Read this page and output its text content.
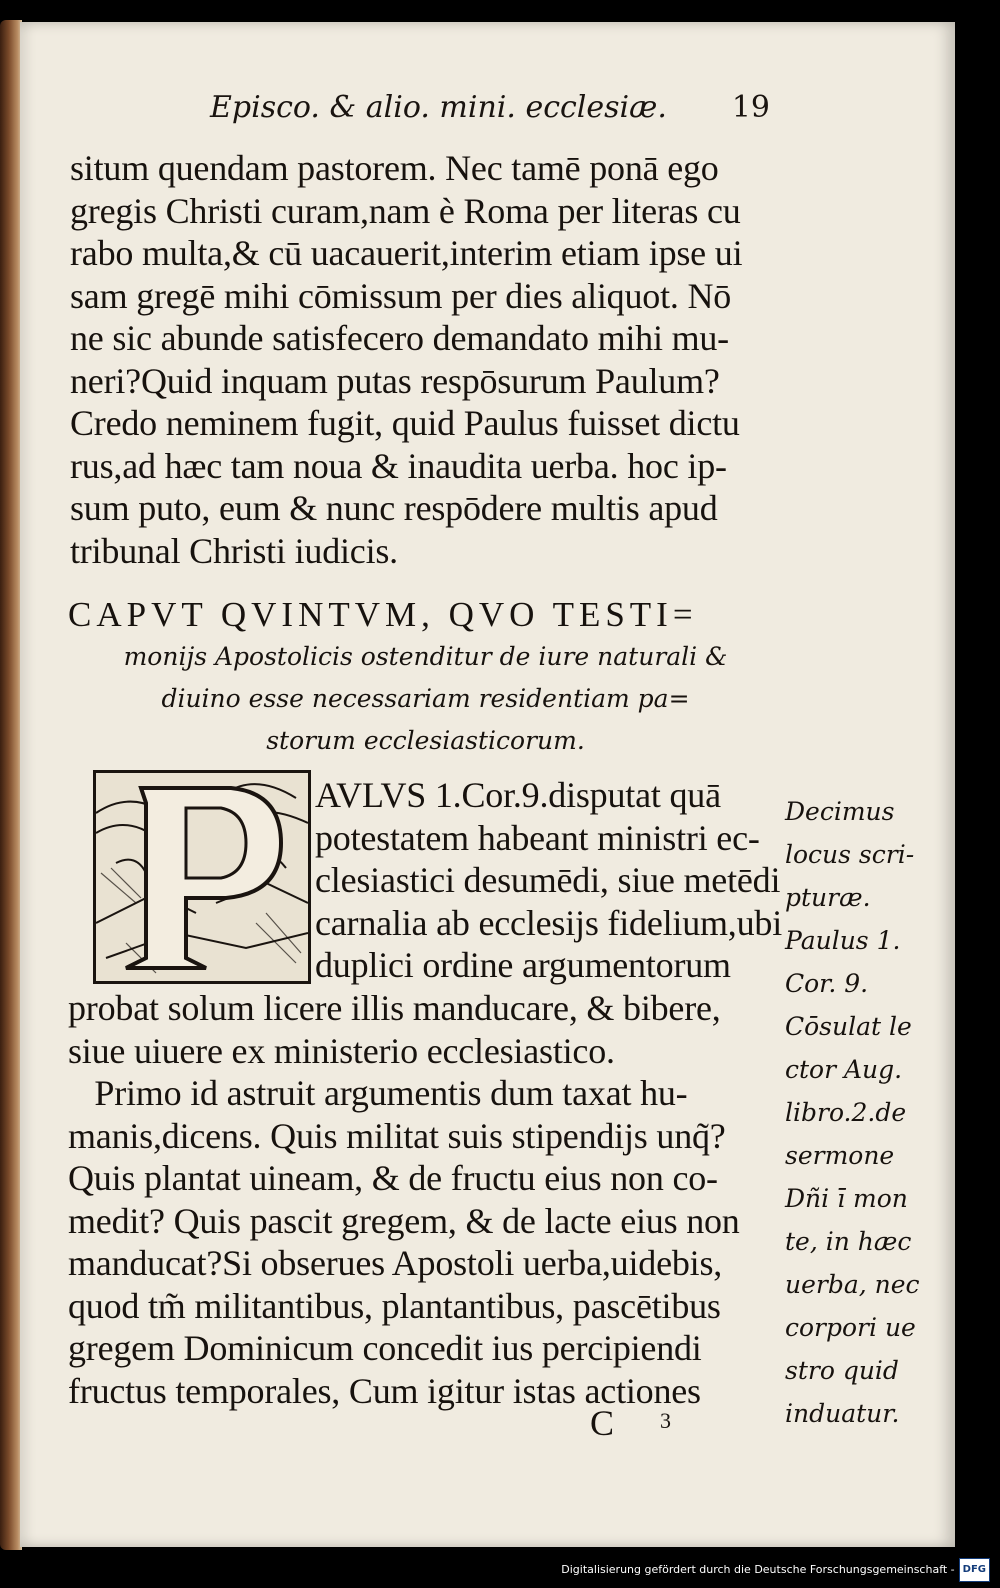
Episco. & alio. mini. ecclesiæ. 19
situm quendam pastorem. Nec tamē ponā ego
gregis Christi curam,nam è Roma per literas cu
rabo multa,& cū uacauerit,interim etiam ipse ui
sam gregē mihi cōmissum per dies aliquot. Nō
ne sic abunde satisfecero demandato mihi mu-
neri?Quid inquam putas respōsurum Paulum?
Credo neminem fugit, quid Paulus fuisset dictu
rus,ad hæc tam noua & inaudita uerba. hoc ip-
sum puto, eum & nunc respōdere multis apud
tribunal Christi iudicis.
CAPVT QVINTVM, QVO TESTI=
monijs Apostolicis ostenditur de iure naturali &
diuino esse necessariam residentiam pa=
storum ecclesiasticorum.
AVLVS 1.Cor.9.disputat quā
potestatem habeant ministri ec-
clesiastici desumēdi, siue metēdi
carnalia ab ecclesijs fidelium,ubi
duplici ordine argumentorum
probat solum licere illis manducare, & bibere,
siue uiuere ex ministerio ecclesiastico.
Primo id astruit argumentis dum taxat hu-
manis,dicens. Quis militat suis stipendijs unq̃?
Quis plantat uineam, & de fructu eius non co-
medit? Quis pascit gregem, & de lacte eius non
manducat?Si obserues Apostoli uerba,uidebis,
quod tm̃ militantibus, plantantibus, pascētibus
gregem Dominicum concedit ius percipiendi
fructus temporales, Cum igitur istas actiones
Decimus
locus scri-
pturæ.
Paulus 1.
Cor. 9.
Cōsulat le
ctor Aug.
libro.2.de
sermone
Dñi ī mon
te, in hæc
uerba, nec
corpori ue
stro quid
induatur.
C 3
Digitalisierung gefördert durch die Deutsche Forschungsgemeinschaft - DFG
